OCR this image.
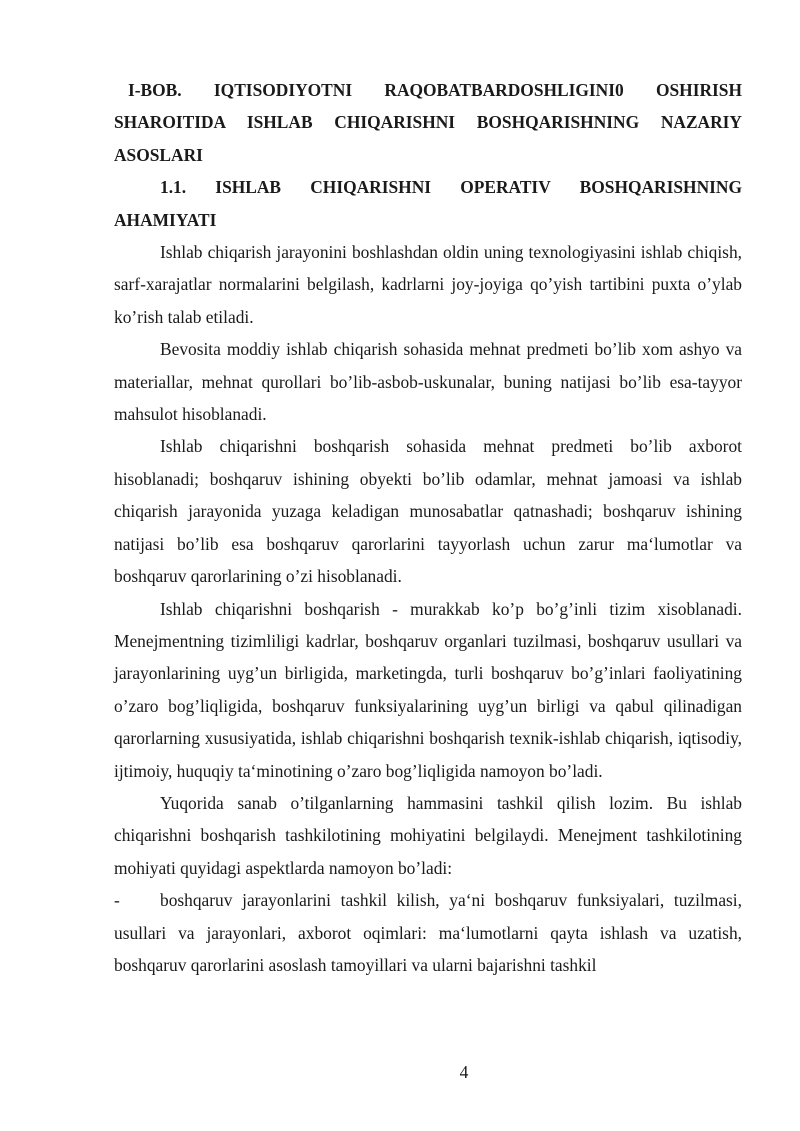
I-BOB. IQTISODIYOTNI RAQOBATBARDOSHLIGINI0 OSHIRISH SHAROITIDA ISHLAB CHIQARISHNI BOSHQARISHNING NAZARIY ASOSLARI

1.1. ISHLAB CHIQARISHNI OPERATIV BOSHQARISHNING AHAMIYATI

Ishlab chiqarish jarayonini boshlashdan oldin uning texnologiyasini ishlab chiqish, sarf-xarajatlar normalarini belgilash, kadrlarni joy-joyiga qo’yish tartibini puxta o’ylab ko’rish talab etiladi.

Bevosita moddiy ishlab chiqarish sohasida mehnat predmeti bo’lib xom ashyo va materiallar, mehnat qurollari bo’lib-asbob-uskunalar, buning natijasi bo’lib esa-tayyor mahsulot hisoblanadi.

Ishlab chiqarishni boshqarish sohasida mehnat predmeti bo’lib axborot hisoblanadi; boshqaruv ishining obyekti bo’lib odamlar, mehnat jamoasi va ishlab chiqarish jarayonida yuzaga keladigan munosabatlar qatnashadi; boshqaruv ishining natijasi bo’lib esa boshqaruv qarorlarini tayyorlash uchun zarur ma‘lumotlar va boshqaruv qarorlarining o’zi hisoblanadi.

Ishlab chiqarishni boshqarish - murakkab ko’p bo’g’inli tizim xisoblanadi. Menejmentning tizimliligi kadrlar, boshqaruv organlari tuzilmasi, boshqaruv usullari va jarayonlarining uyg’un birligida, marketingda, turli boshqaruv bo’g’inlari faoliyatining o’zaro bog’liqligida, boshqaruv funksiyalarining uyg’un birligi va qabul qilinadigan qarorlarning xususiyatida, ishlab chiqarishni boshqarish texnik-ishlab chiqarish, iqtisodiy, ijtimoiy, huquqiy ta‘minotining o’zaro bog’liqligida namoyon bo’ladi.

Yuqorida sanab o’tilganlarning hammasini tashkil qilish lozim. Bu ishlab chiqarishni boshqarish tashkilotining mohiyatini belgilaydi. Menejment tashkilotining mohiyati quyidagi aspektlarda namoyon bo’ladi:

- boshqaruv jarayonlarini tashkil kilish, ya‘ni boshqaruv funksiyalari, tuzilmasi, usullari va jarayonlari, axborot oqimlari: ma‘lumotlarni qayta ishlash va uzatish, boshqaruv qarorlarini asoslash tamoyillari va ularni bajarishni tashkil

4
